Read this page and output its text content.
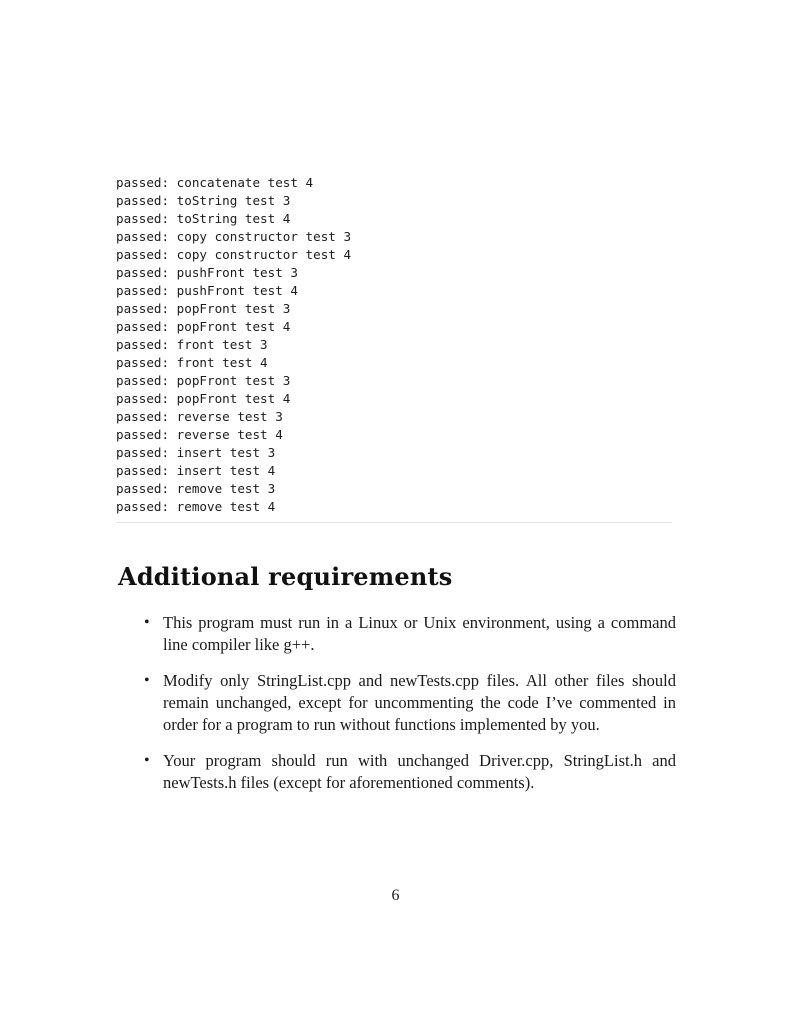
passed: concatenate test 4
passed: toString test 3
passed: toString test 4
passed: copy constructor test 3
passed: copy constructor test 4
passed: pushFront test 3
passed: pushFront test 4
passed: popFront test 3
passed: popFront test 4
passed: front test 3
passed: front test 4
passed: popFront test 3
passed: popFront test 4
passed: reverse test 3
passed: reverse test 4
passed: insert test 3
passed: insert test 4
passed: remove test 3
passed: remove test 4
Additional requirements
• This program must run in a Linux or Unix environment, using a command line compiler like g++.
• Modify only StringList.cpp and newTests.cpp files. All other files should remain unchanged, except for uncommenting the code I’ve commented in order for a program to run without functions implemented by you.
• Your program should run with unchanged Driver.cpp, StringList.h and newTests.h files (except for aforementioned comments).
6
